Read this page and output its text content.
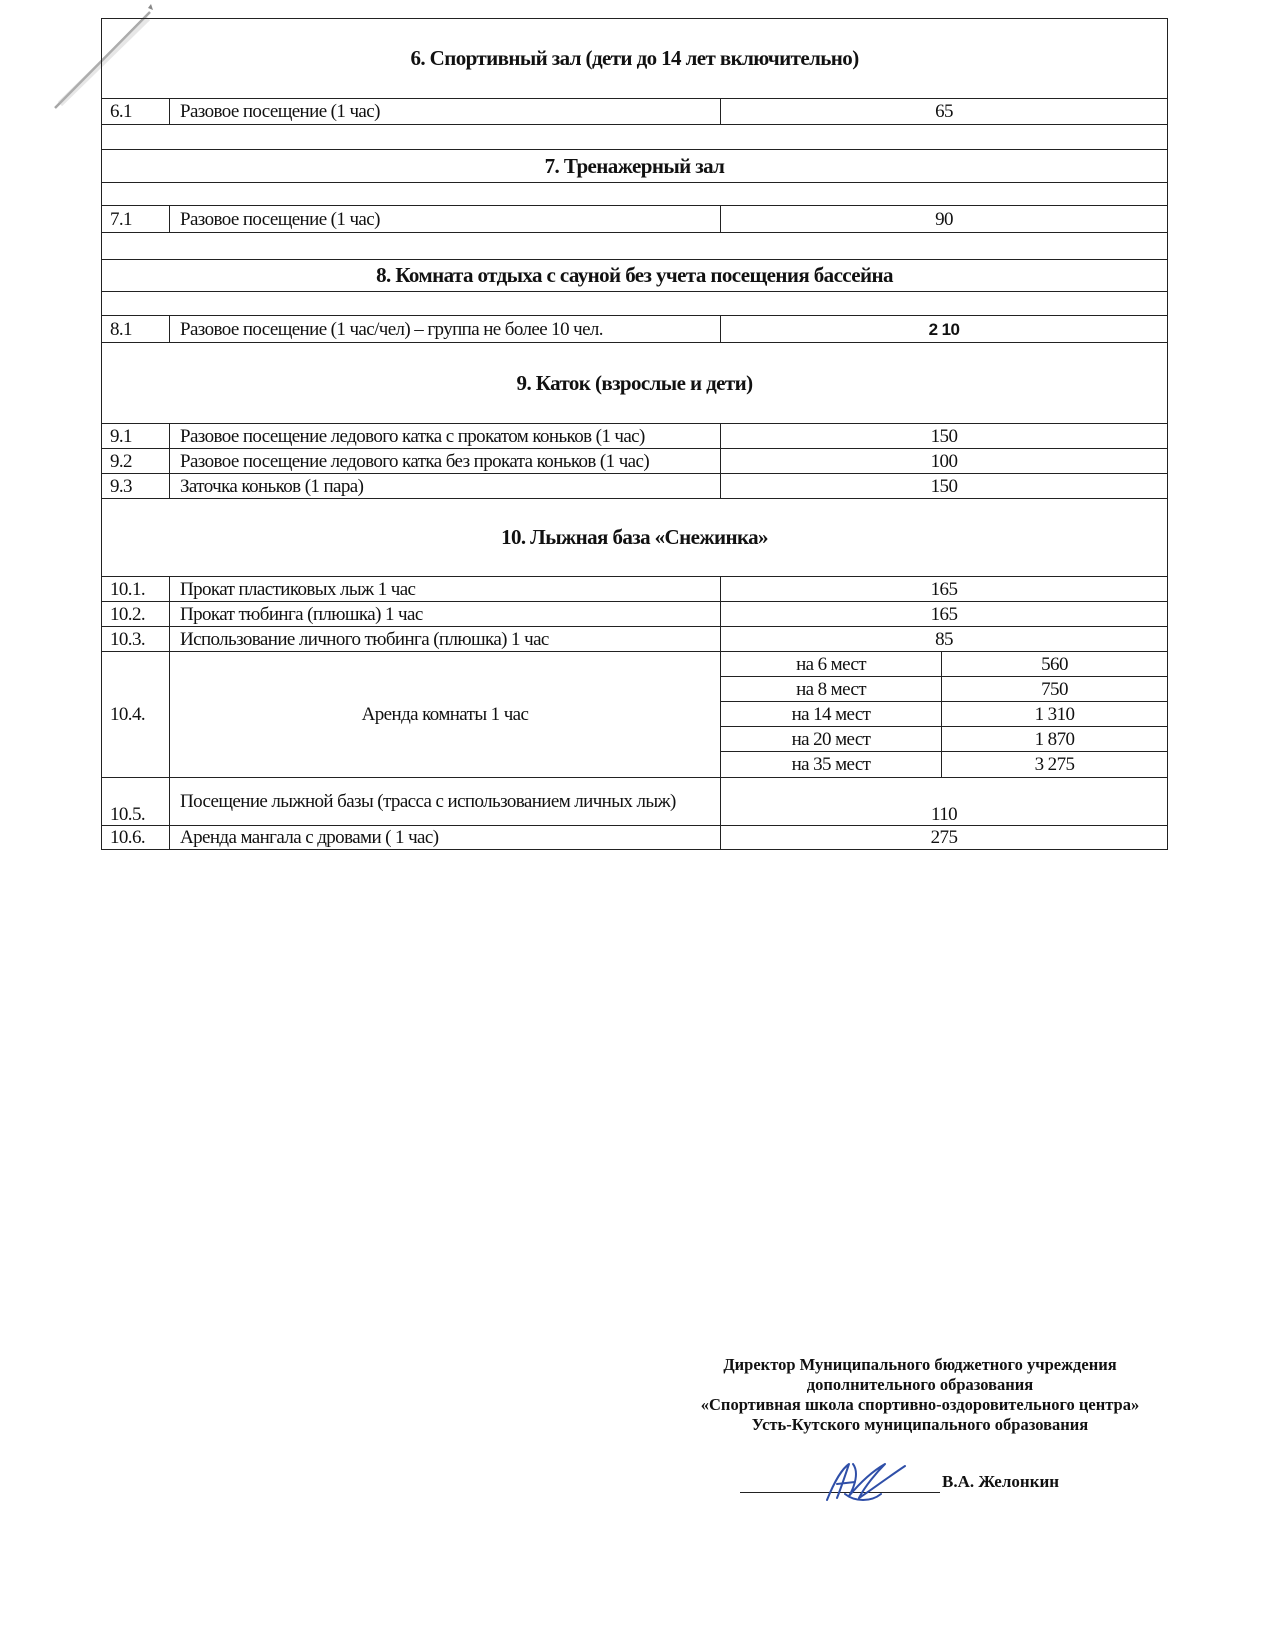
6. Спортивный зал (дети до 14 лет включительно)			
6.1	Разовое посещение (1 час)	65	

7. Тренажерный зал			

7.1	Разовое посещение (1 час)	90	

8. Комната отдыха с сауной без учета посещения бассейна			

8.1	Разовое посещение (1 час/чел) – группа не более 10 чел.	2 10	
9. Каток (взрослые и дети)			
9.1	Разовое посещение ледового катка с прокатом коньков (1 час)	150	
9.2	Разовое посещение ледового катка без проката коньков (1 час)	100	
9.3	Заточка коньков (1 пара)	150	
10. Лыжная база «Снежинка»			
10.1.	Прокат пластиковых лыж 1 час	165	
10.2.	Прокат тюбинга (плюшка) 1 час	165	
10.3.	Использование личного тюбинга (плюшка) 1 час	85	
10.4.	Аренда комнаты 1 час	на 6 мест	560
		на 8 мест	750
		на 14 мест	1 310
		на 20 мест	1 870
		на 35 мест	3 275
10.5.	Посещение лыжной базы (трасса с использованием личных лыж)	110	
10.6.	Аренда мангала с дровами ( 1 час)	275	
Директор Муниципального бюджетного учреждения
дополнительного образования
«Спортивная школа спортивно-оздоровительного центра»
Усть-Кутского муниципального образования
В.А. Желонкин
